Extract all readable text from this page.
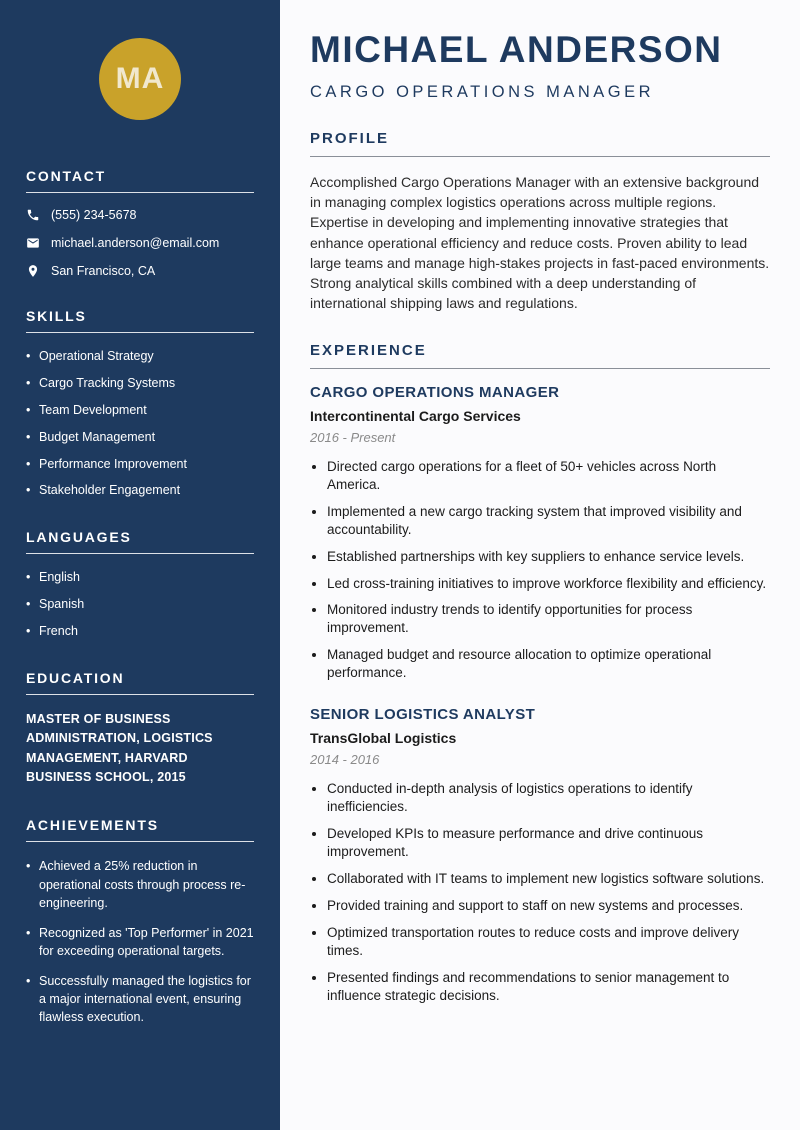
MA
CONTACT
(555) 234-5678
michael.anderson@email.com
San Francisco, CA
SKILLS
• Operational Strategy
• Cargo Tracking Systems
• Team Development
• Budget Management
• Performance Improvement
• Stakeholder Engagement
LANGUAGES
• English
• Spanish
• French
EDUCATION

MASTER OF BUSINESS ADMINISTRATION, LOGISTICS MANAGEMENT, HARVARD BUSINESS SCHOOL, 2015

ACHIEVEMENTS
• Achieved a 25% reduction in operational costs through process re-engineering.
• Recognized as 'Top Performer' in 2021 for exceeding operational targets.
• Successfully managed the logistics for a major international event, ensuring flawless execution.
MICHAEL ANDERSON
CARGO OPERATIONS MANAGER
PROFILE

Accomplished Cargo Operations Manager with an extensive background in managing complex logistics operations across multiple regions. Expertise in developing and implementing innovative strategies that enhance operational efficiency and reduce costs. Proven ability to lead large teams and manage high-stakes projects in fast-paced environments. Strong analytical skills combined with a deep understanding of international shipping laws and regulations.

EXPERIENCE
CARGO OPERATIONS MANAGER
Intercontinental Cargo Services
2016 - Present
• Directed cargo operations for a fleet of 50+ vehicles across North America.
• Implemented a new cargo tracking system that improved visibility and accountability.
• Established partnerships with key suppliers to enhance service levels.
• Led cross-training initiatives to improve workforce flexibility and efficiency.
• Monitored industry trends to identify opportunities for process improvement.
• Managed budget and resource allocation to optimize operational performance.
SENIOR LOGISTICS ANALYST
TransGlobal Logistics
2014 - 2016
• Conducted in-depth analysis of logistics operations to identify inefficiencies.
• Developed KPIs to measure performance and drive continuous improvement.
• Collaborated with IT teams to implement new logistics software solutions.
• Provided training and support to staff on new systems and processes.
• Optimized transportation routes to reduce costs and improve delivery times.
• Presented findings and recommendations to senior management to influence strategic decisions.
